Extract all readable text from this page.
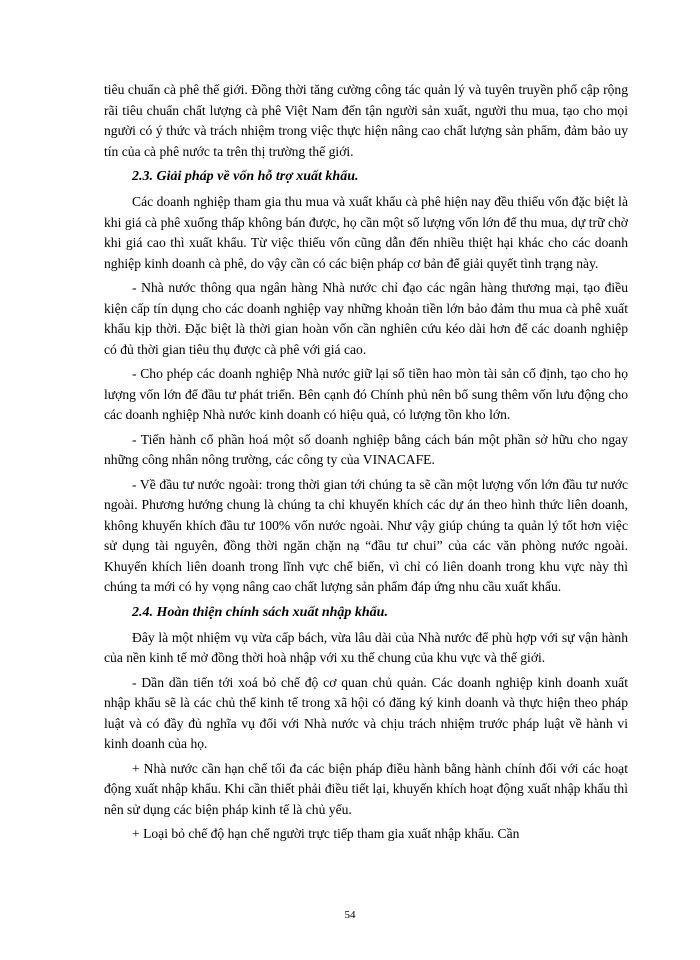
tiêu chuẩn cà phê thế giới. Đồng thời tăng cường công tác quản lý và tuyên truyền phổ cập rộng rãi tiêu chuẩn chất lượng cà phê Việt Nam đến tận người sản xuất, người thu mua, tạo cho mọi người có ý thức và trách nhiệm trong việc thực hiện nâng cao chất lượng sản phẩm, đảm bảo uy tín của cà phê nước ta trên thị trường thế giới.

2.3. Giải pháp về vốn hỗ trợ xuất khẩu.

Các doanh nghiệp tham gia thu mua và xuất khẩu cà phê hiện nay đều thiếu vốn đặc biệt là khi giá cà phê xuống thấp không bán được, họ cần một số lượng vốn lớn để thu mua, dự trữ chờ khi giá cao thì xuất khẩu. Từ việc thiếu vốn cũng dẫn đến nhiều thiệt hại khác cho các doanh nghiệp kinh doanh cà phê, do vậy cần có các biện pháp cơ bản để giải quyết tình trạng này.

- Nhà nước thông qua ngân hàng Nhà nước chỉ đạo các ngân hàng thương mại, tạo điều kiện cấp tín dụng cho các doanh nghiệp vay những khoản tiền lớn bảo đảm thu mua cà phê xuất khẩu kịp thời. Đặc biệt là thời gian hoàn vốn cần nghiên cứu kéo dài hơn để các doanh nghiệp có đủ thời gian tiêu thụ được cà phê với giá cao.

- Cho phép các doanh nghiệp Nhà nước giữ lại số tiền hao mòn tài sản cố định, tạo cho họ lượng vốn lớn để đầu tư phát triển. Bên cạnh đó Chính phủ nên bổ sung thêm vốn lưu động cho các doanh nghiệp Nhà nước kinh doanh có hiệu quả, có lượng tồn kho lớn.

- Tiến hành cổ phần hoá một số doanh nghiệp bằng cách bán một phần sở hữu cho ngay những công nhân nông trường, các công ty của VINACAFE.

- Về đầu tư nước ngoài: trong thời gian tới chúng ta sẽ cần một lượng vốn lớn đầu tư nước ngoài. Phương hướng chung là chúng ta chỉ khuyến khích các dự án theo hình thức liên doanh, không khuyến khích đầu tư 100% vốn nước ngoài. Như vậy giúp chúng ta quản lý tốt hơn việc sử dụng tài nguyên, đồng thời ngăn chặn nạ “đầu tư chui” của các văn phòng nước ngoài. Khuyến khích liên doanh trong lĩnh vực chế biến, vì chỉ có liên doanh trong khu vực này thì chúng ta mới có hy vọng nâng cao chất lượng sản phẩm đáp ứng nhu cầu xuất khẩu.

2.4. Hoàn thiện chính sách xuất nhập khẩu.

Đây là một nhiệm vụ vừa cấp bách, vừa lâu dài của Nhà nước để phù hợp với sự vận hành của nền kinh tế mở đồng thời hoà nhập với xu thế chung của khu vực và thế giới.

- Dần dần tiến tới xoá bỏ chế độ cơ quan chủ quản. Các doanh nghiệp kinh doanh xuất nhập khẩu sẽ là các chủ thể kinh tế trong xã hội có đăng ký kinh doanh và thực hiện theo pháp luật và có đầy đủ nghĩa vụ đối với Nhà nước và chịu trách nhiệm trước pháp luật về hành vi kinh doanh của họ.

+ Nhà nước cần hạn chế tối đa các biện pháp điều hành bằng hành chính đối với các hoạt động xuất nhập khẩu. Khi cần thiết phải điều tiết lại, khuyến khích hoạt động xuất nhập khẩu thì nên sử dụng các biện pháp kinh tế là chủ yếu.

+ Loại bỏ chế độ hạn chế người trực tiếp tham gia xuất nhập khẩu. Cần

54
